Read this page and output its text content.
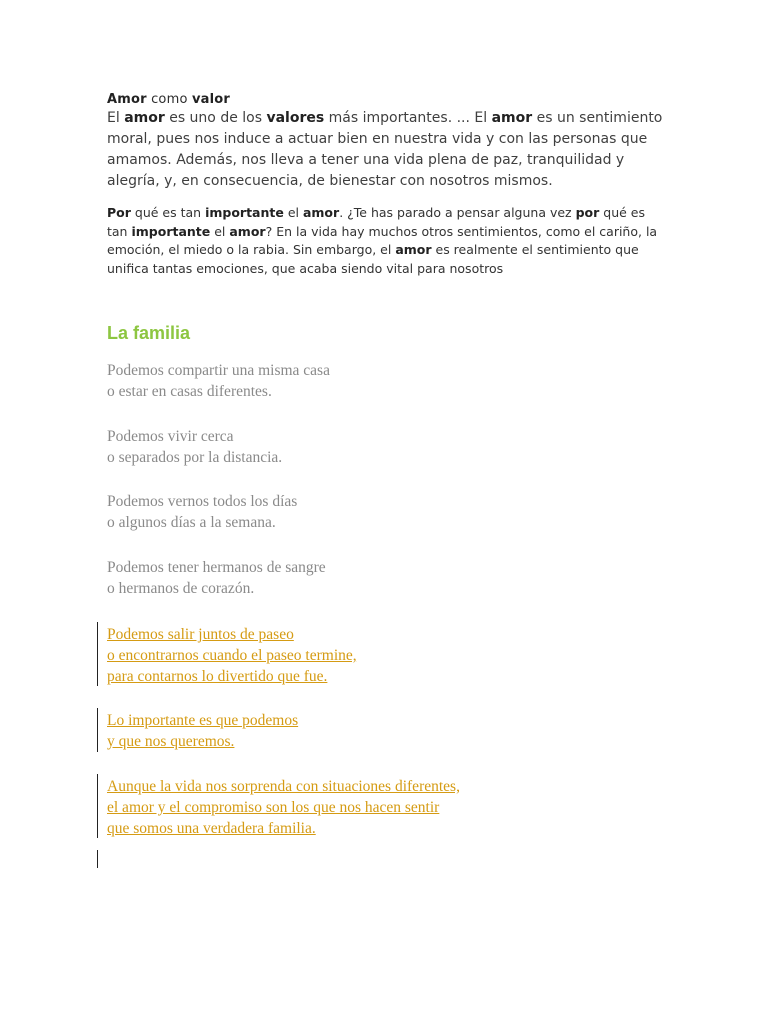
Amor como valor
El amor es uno de los valores más importantes. ... El amor es un sentimiento moral, pues nos induce a actuar bien en nuestra vida y con las personas que amamos. Además, nos lleva a tener una vida plena de paz, tranquilidad y alegría, y, en consecuencia, de bienestar con nosotros mismos.
Por qué es tan importante el amor. ¿Te has parado a pensar alguna vez por qué es tan importante el amor? En la vida hay muchos otros sentimientos, como el cariño, la emoción, el miedo o la rabia. Sin embargo, el amor es realmente el sentimiento que unifica tantas emociones, que acaba siendo vital para nosotros
La familia
Podemos compartir una misma casa
o estar en casas diferentes.
Podemos vivir cerca
o separados por la distancia.
Podemos vernos todos los días
o algunos días a la semana.
Podemos tener hermanos de sangre
o hermanos de corazón.
Podemos salir juntos de paseo
o encontrarnos cuando el paseo termine,
para contarnos lo divertido que fue.
Lo importante es que podemos
y que nos queremos.
Aunque la vida nos sorprenda con situaciones diferentes,
el amor y el compromiso son los que nos hacen sentir
que somos una verdadera familia.
